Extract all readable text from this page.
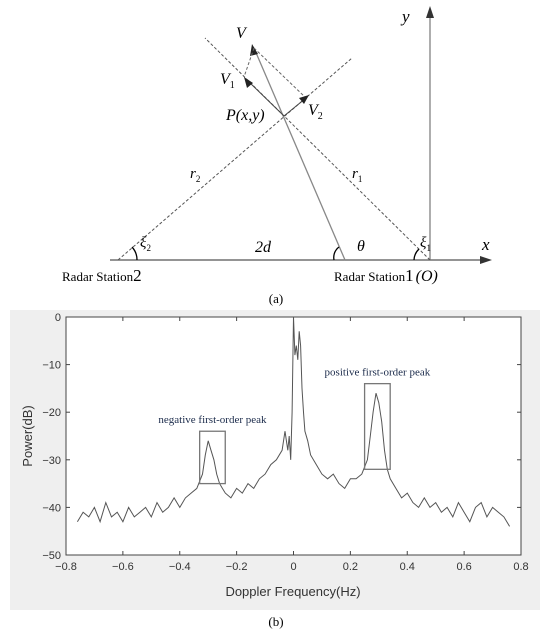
y
x
V
$V_1$
$V_2$
P(x,y)
$r_2$	$r_1$
$\xi_2$	$\xi_1$
2d	θ
Radar Station2	Radar Station1 (O)
(a)
−0.8	−0.6	−0.4	−0.2	0	0.2	0.4	0.6	0.8
0
−10
−20
−30
−40
−50
negative first-order peak
positive first-order peak
Doppler Frequency(Hz)
Power(dB)
(b)
